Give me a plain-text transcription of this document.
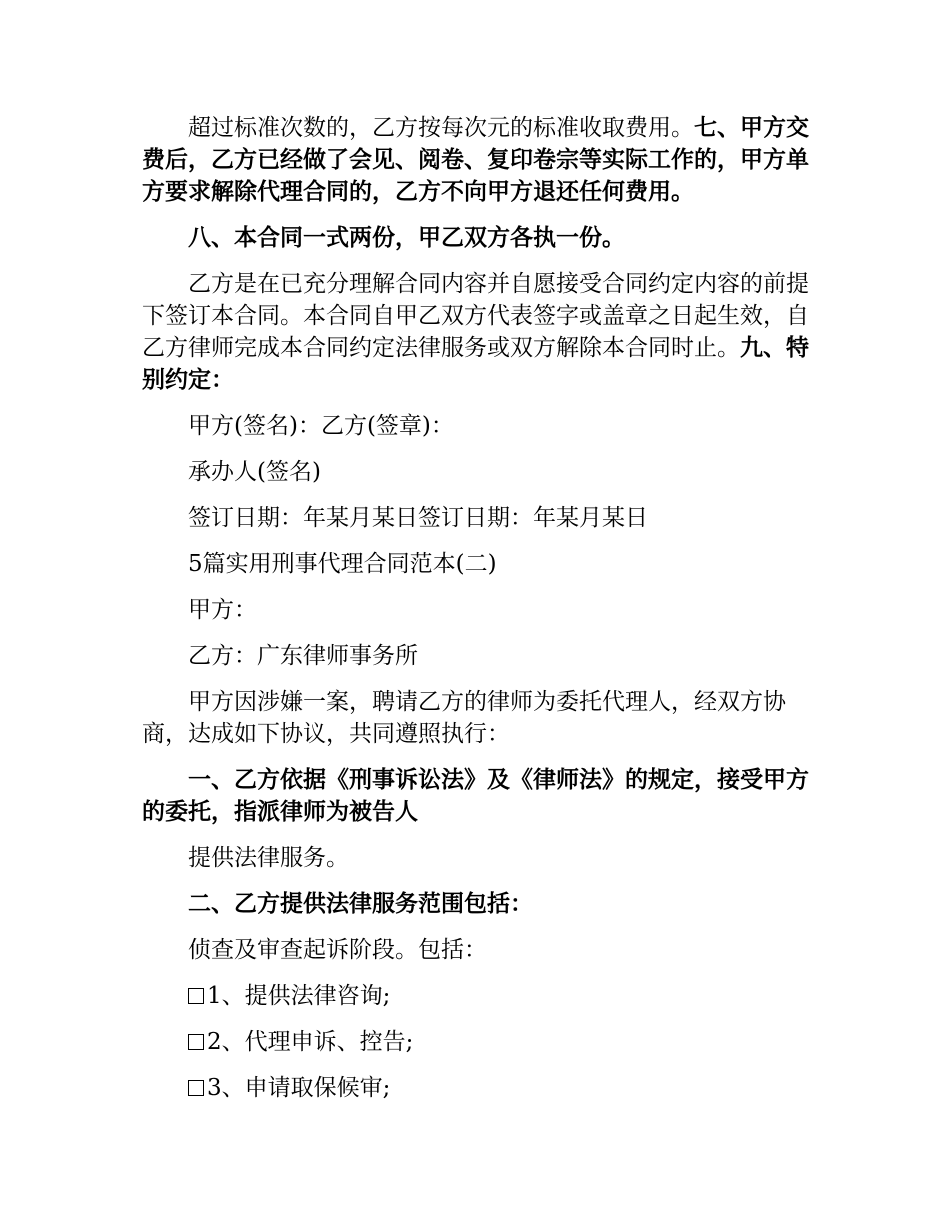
超过标准次数的，乙方按每次元的标准收取费用。七、甲方交费后，乙方已经做了会见、阅卷、复印卷宗等实际工作的，甲方单方要求解除代理合同的，乙方不向甲方退还任何费用。

八、本合同一式两份，甲乙双方各执一份。

乙方是在已充分理解合同内容并自愿接受合同约定内容的前提下签订本合同。本合同自甲乙双方代表签字或盖章之日起生效，自乙方律师完成本合同约定法律服务或双方解除本合同时止。九、特别约定：

甲方(签名)：乙方(签章)：

承办人(签名)

签订日期：年某月某日签订日期：年某月某日

5篇实用刑事代理合同范本(二)

甲方：

乙方：广东律师事务所

甲方因涉嫌一案，聘请乙方的律师为委托代理人，经双方协商，达成如下协议，共同遵照执行：

一、乙方依据《刑事诉讼法》及《律师法》的规定，接受甲方的委托，指派律师为被告人

提供法律服务。

二、乙方提供法律服务范围包括：

侦查及审查起诉阶段。包括：

1、提供法律咨询;

2、代理申诉、控告;

3、申请取保候审;
